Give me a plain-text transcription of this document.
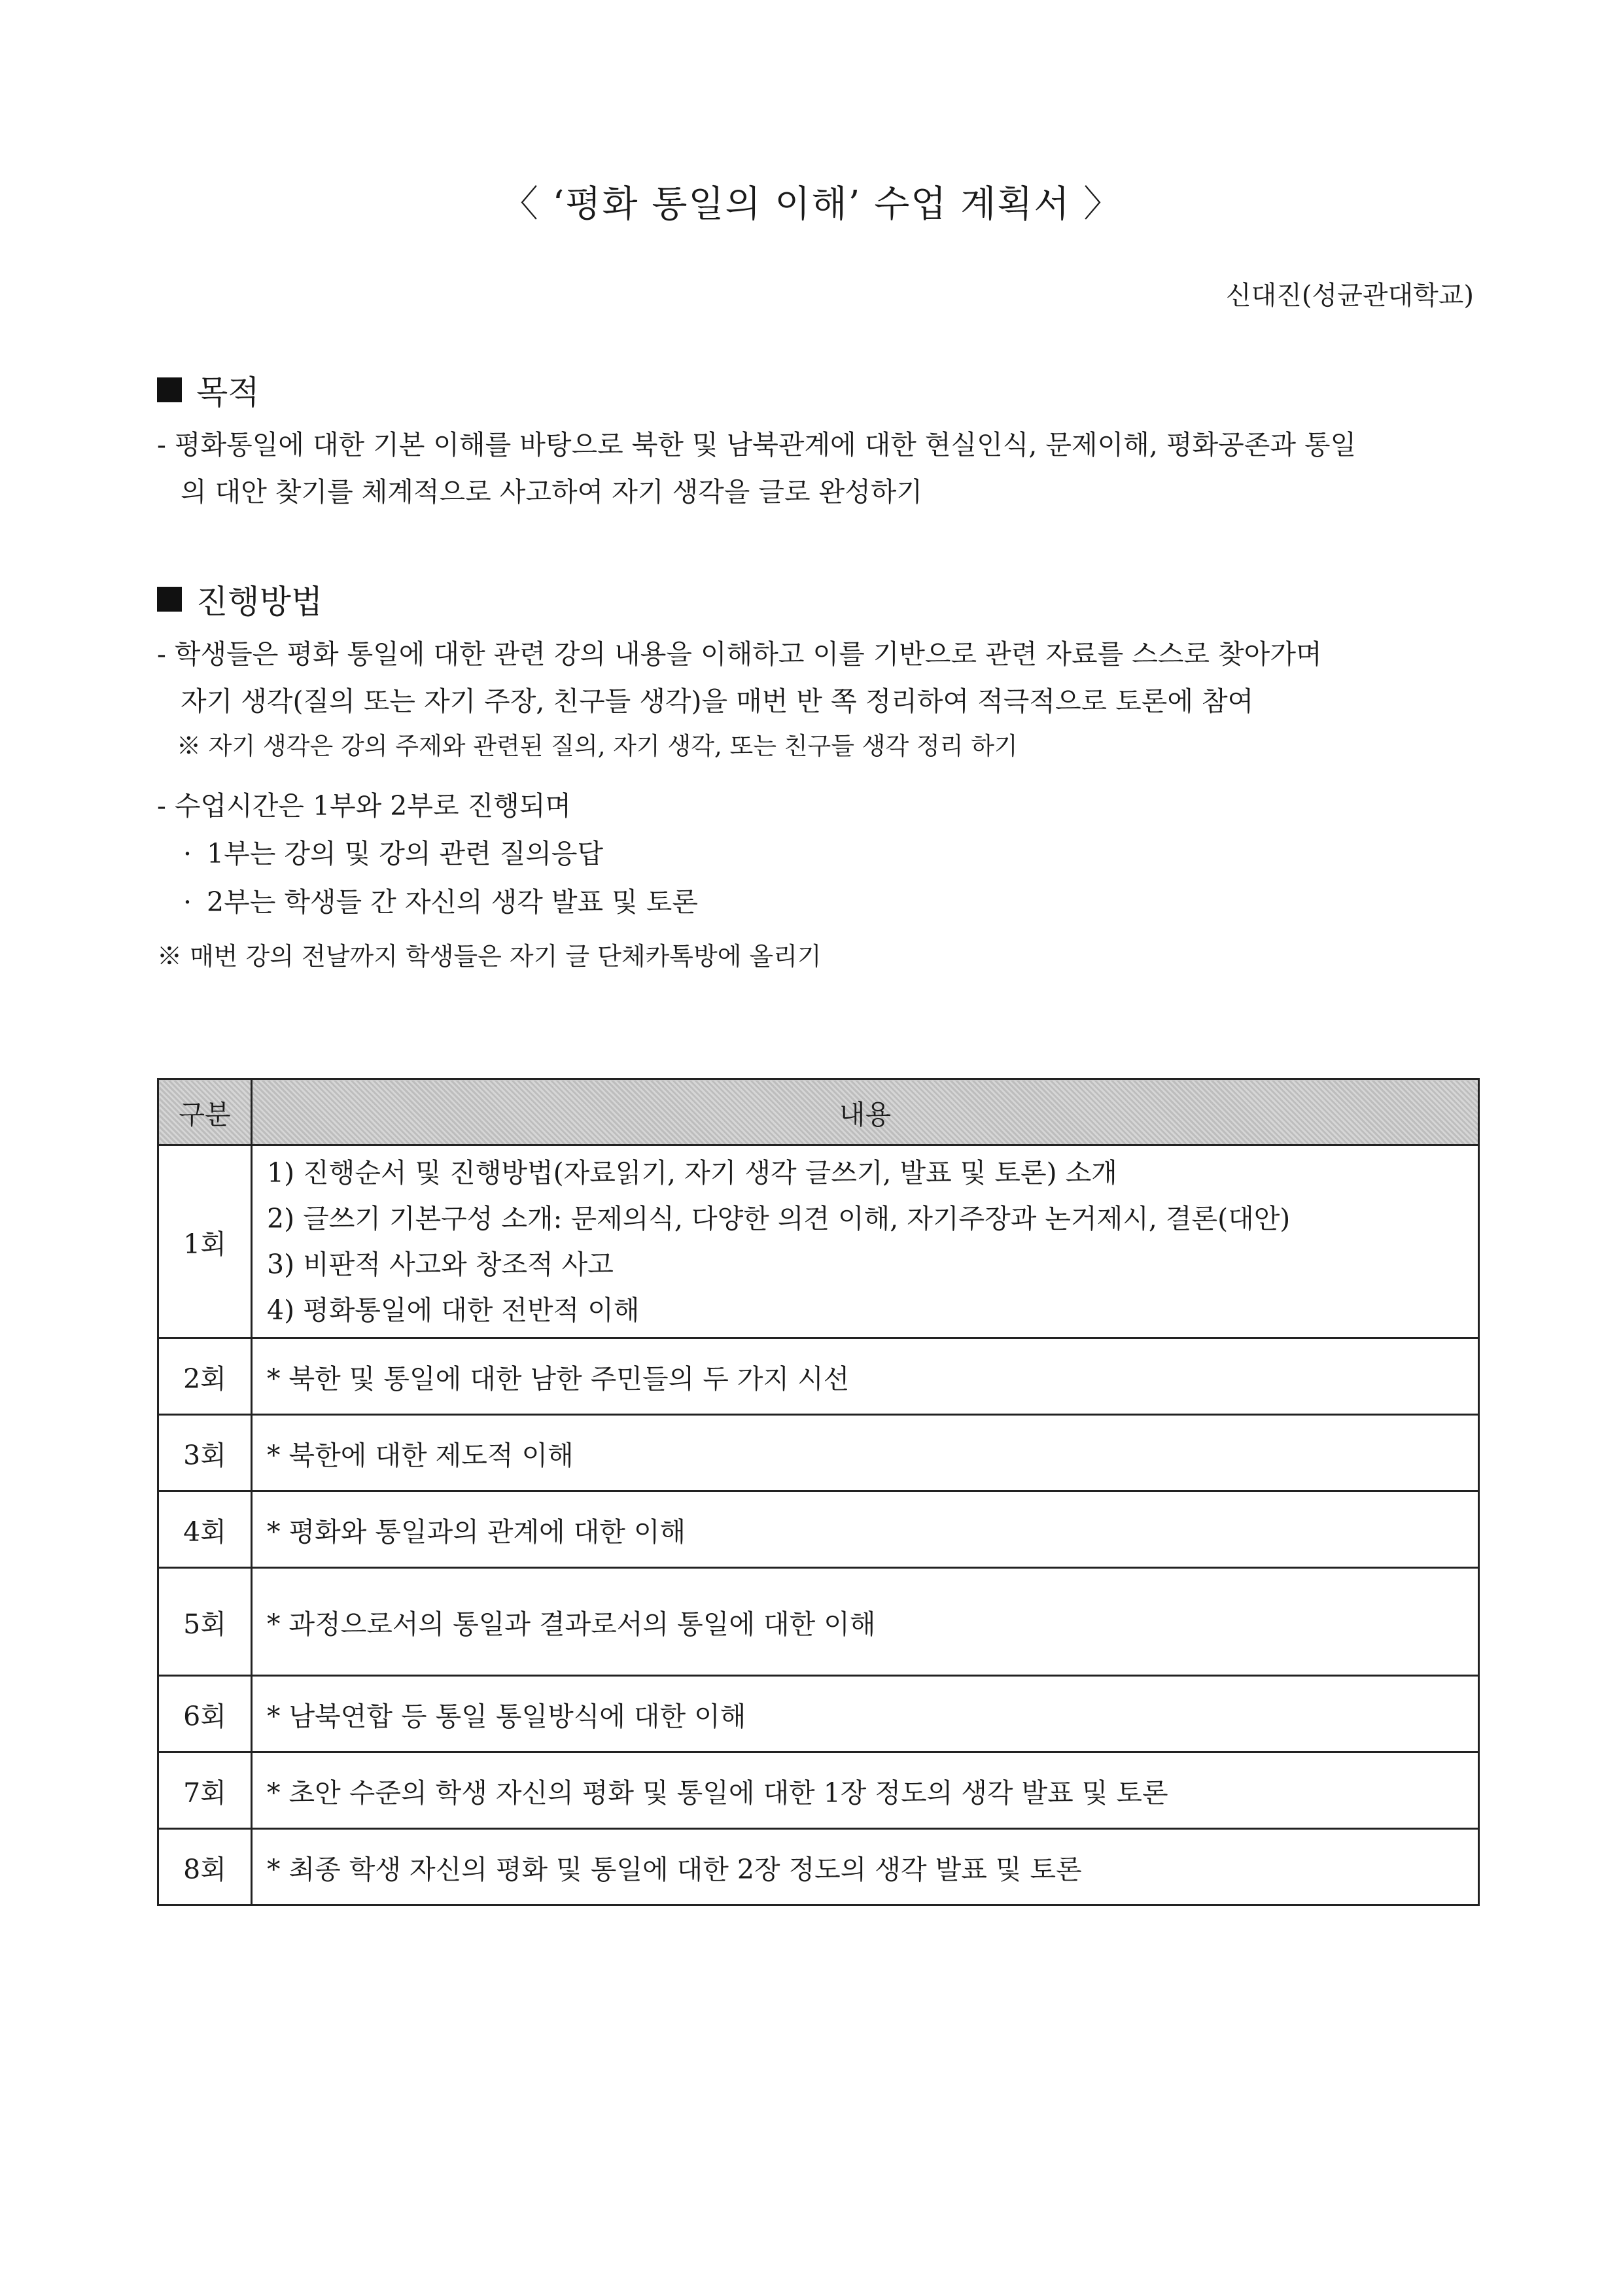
〈 ‘평화 통일의 이해’ 수업 계획서 〉
신대진(성균관대학교)
목적
- 평화통일에 대한 기본 이해를 바탕으로 북한 및 남북관계에 대한 현실인식, 문제이해, 평화공존과 통일
의 대안 찾기를 체계적으로 사고하여 자기 생각을 글로 완성하기
진행방법
- 학생들은 평화 통일에 대한 관련 강의 내용을 이해하고 이를 기반으로 관련 자료를 스스로 찾아가며
자기 생각(질의 또는 자기 주장, 친구들 생각)을 매번 반 쪽 정리하여 적극적으로 토론에 참여
※ 자기 생각은 강의 주제와 관련된 질의, 자기 생각, 또는 친구들 생각 정리 하기
- 수업시간은 1부와 2부로 진행되며
· 1부는 강의 및 강의 관련 질의응답
· 2부는 학생들 간 자신의 생각 발표 및 토론
※ 매번 강의 전날까지 학생들은 자기 글 단체카톡방에 올리기
구분	내용
1회	1) 진행순서 및 진행방법(자료읽기, 자기 생각 글쓰기, 발표 및 토론) 소개
2) 글쓰기 기본구성 소개: 문제의식, 다양한 의견 이해, 자기주장과 논거제시, 결론(대안)
3) 비판적 사고와 창조적 사고
4) 평화통일에 대한 전반적 이해

2회	* 북한 및 통일에 대한 남한 주민들의 두 가지 시선
3회	* 북한에 대한 제도적 이해
4회	* 평화와 통일과의 관계에 대한 이해
5회	* 과정으로서의 통일과 결과로서의 통일에 대한 이해
6회	* 남북연합 등 통일 통일방식에 대한 이해
7회	* 초안 수준의 학생 자신의 평화 및 통일에 대한 1장 정도의 생각 발표 및 토론
8회	* 최종 학생 자신의 평화 및 통일에 대한 2장 정도의 생각 발표 및 토론
